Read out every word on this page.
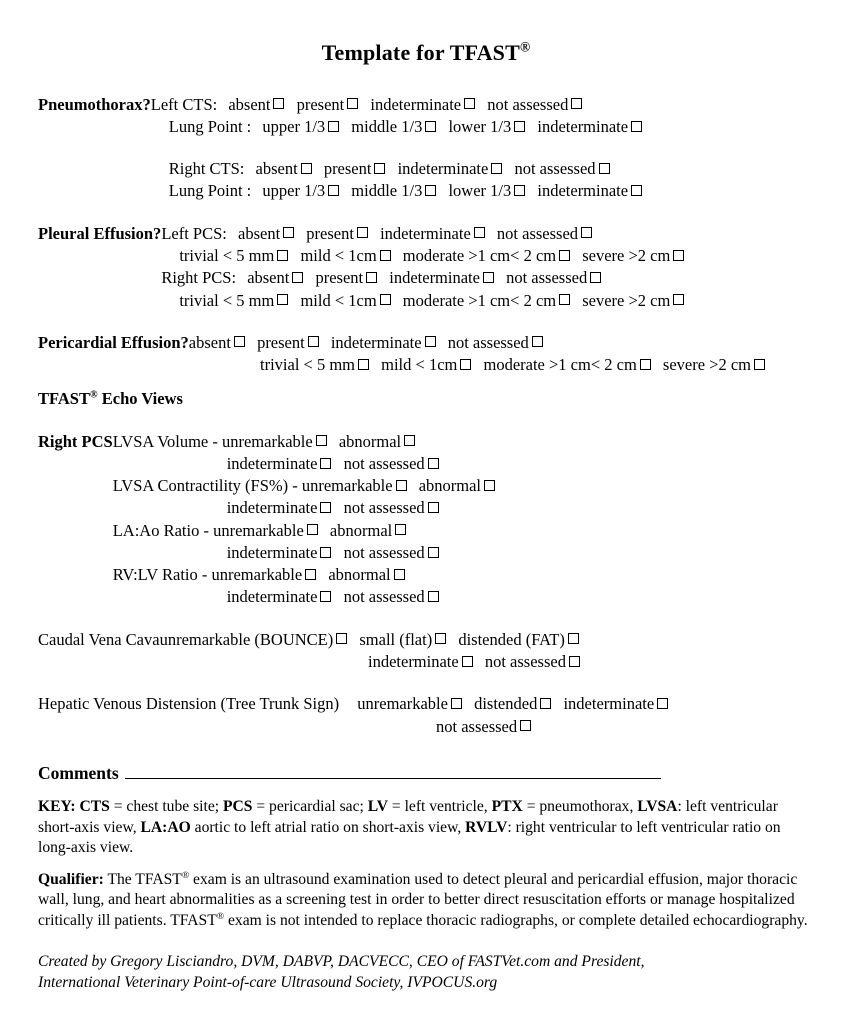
Template for TFAST®
Pneumothorax? Left CTS: absent present indeterminate not assessed
Lung Point : upper 1/3 middle 1/3 lower 1/3 indeterminate
Right CTS: absent present indeterminate not assessed
Lung Point : upper 1/3 middle 1/3 lower 1/3 indeterminate
Pleural Effusion? Left PCS: absent present indeterminate not assessed
trivial < 5 mm mild < 1cm moderate >1 cm< 2 cm severe >2 cm
Right PCS: absent present indeterminate not assessed
trivial < 5 mm mild < 1cm moderate >1 cm< 2 cm severe >2 cm
Pericardial Effusion? absent present indeterminate not assessed
trivial < 5 mm mild < 1cm moderate >1 cm< 2 cm severe >2 cm
TFAST® Echo Views
Right PCS LVSA Volume - unremarkable abnormal
indeterminate not assessed
LVSA Contractility (FS%) - unremarkable abnormal
indeterminate not assessed
LA:Ao Ratio - unremarkable abnormal
indeterminate not assessed
RV:LV Ratio - unremarkable abnormal
indeterminate not assessed
Caudal Vena Cava unremarkable (BOUNCE) small (flat) distended (FAT)
indeterminate not assessed
Hepatic Venous Distension (Tree Trunk Sign) unremarkable distended indeterminate
not assessed
Comments

KEY: CTS = chest tube site; PCS = pericardial sac; LV = left ventricle, PTX = pneumothorax, LVSA: left ventricular short-axis view, LA:AO aortic to left atrial ratio on short-axis view, RVLV: right ventricular to left ventricular ratio on long-axis view.

Qualifier: The TFAST® exam is an ultrasound examination used to detect pleural and pericardial effusion, major thoracic wall, lung, and heart abnormalities as a screening test in order to better direct resuscitation efforts or manage hospitalized critically ill patients. TFAST® exam is not intended to replace thoracic radiographs, or complete detailed echocardiography.

Created by Gregory Lisciandro, DVM, DABVP, DACVECC, CEO of FASTVet.com and President,

International Veterinary Point-of-care Ultrasound Society, IVPOCUS.org
